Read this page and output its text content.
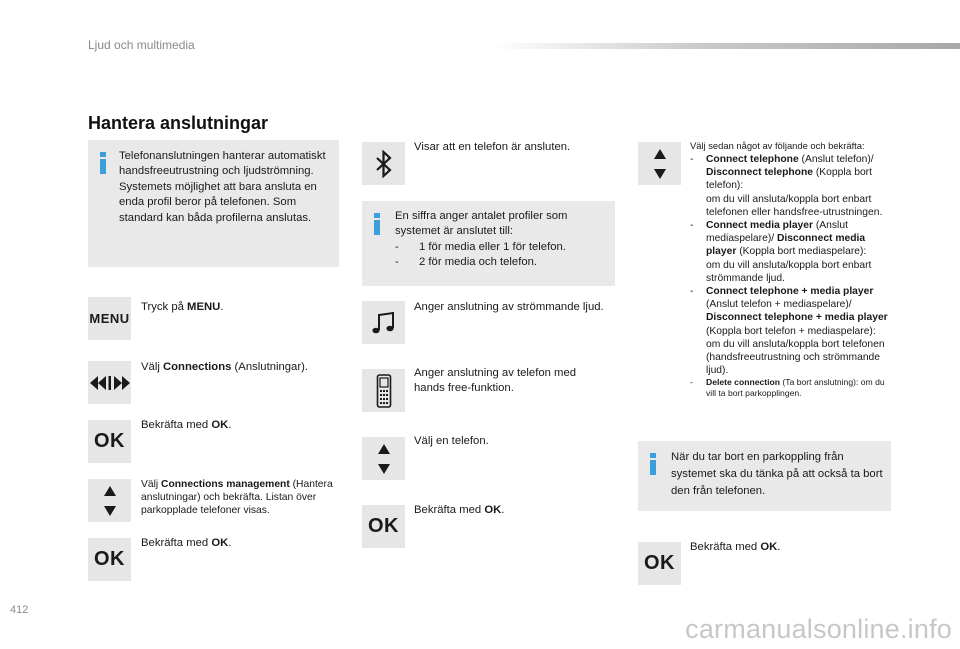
Ljud och multimedia
Hantera anslutningar
Telefonanslutningen hanterar automatiskt handsfreeutrustning och ljudströmning.
Systemets möjlighet att bara ansluta en enda profil beror på telefonen. Som standard kan båda profilerna anslutas.
MENU
Tryck på MENU.
Välj Connections (Anslutningar).
OK
Bekräfta med OK.
Välj Connections management (Hantera anslutningar) och bekräfta. Listan över parkopplade telefoner visas.
OK
Bekräfta med OK.
Visar att en telefon är ansluten.
En siffra anger antalet profiler som systemet är anslutet till:
- 1 för media eller 1 för telefon.
- 2 för media och telefon.
Anger anslutning av strömmande ljud.
Anger anslutning av telefon med hands free-funktion.
Välj en telefon.
OK
Bekräfta med OK.
Välj sedan något av följande och bekräfta:
- Connect telephone (Anslut telefon)/ Disconnect telephone (Koppla bort telefon):
om du vill ansluta/koppla bort enbart telefonen eller handsfree-utrustningen.
- Connect media player (Anslut mediaspelare)/ Disconnect media player (Koppla bort mediaspelare):
om du vill ansluta/koppla bort enbart strömmande ljud.
- Connect telephone + media player (Anslut telefon + mediaspelare)/ Disconnect telephone + media player (Koppla bort telefon + mediaspelare):
om du vill ansluta/koppla bort telefonen (handsfreeutrustning och strömmande ljud).
- Delete connection (Ta bort anslutning): om du vill ta bort parkopplingen.
När du tar bort en parkoppling från systemet ska du tänka på att också ta bort den från telefonen.
OK
Bekräfta med OK.
412
carmanualsonline.info
